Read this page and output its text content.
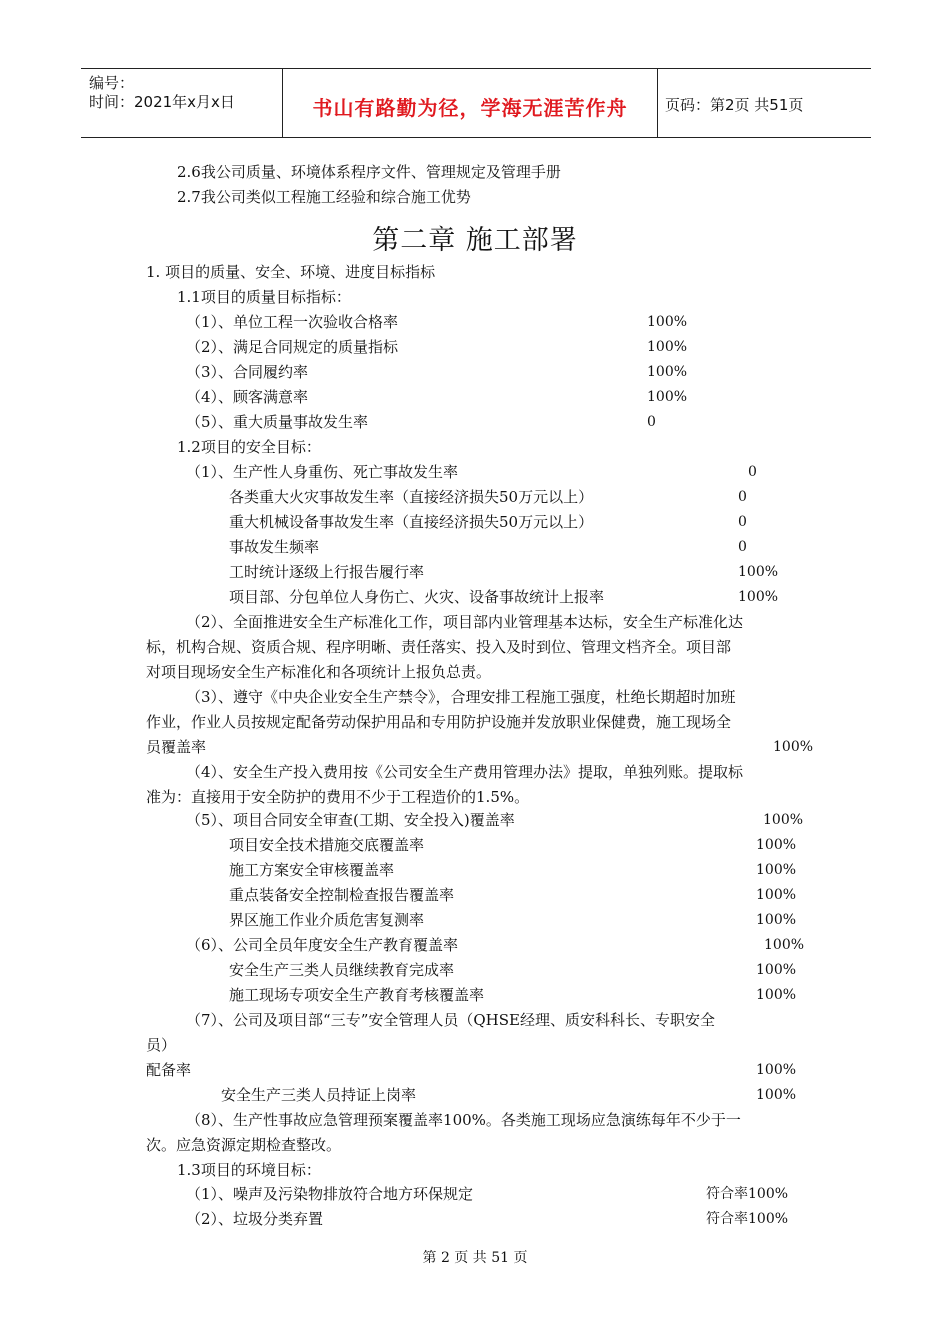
编号：
时间：2021年x月x日	书山有路勤为径，学海无涯苦作舟	页码：第2页 共51页
2.6我公司质量、环境体系程序文件、管理规定及管理手册
2.7我公司类似工程施工经验和综合施工优势
第二章 施工部署
1. 项目的质量、安全、环境、进度目标指标
1.1项目的质量目标指标：
（1）、单位工程一次验收合格率	100%
（2）、满足合同规定的质量指标	100%
（3）、合同履约率	100%
（4）、顾客满意率	100%
（5）、重大质量事故发生率	0
1.2项目的安全目标：
（1）、生产性人身重伤、死亡事故发生率	0
各类重大火灾事故发生率（直接经济损失50万元以上）	0
重大机械设备事故发生率（直接经济损失50万元以上）	0
事故发生频率	0
工时统计逐级上行报告履行率	100%
项目部、分包单位人身伤亡、火灾、设备事故统计上报率	100%
（2）、全面推进安全生产标准化工作，项目部内业管理基本达标，安全生产标准化达
标，机构合规、资质合规、程序明晰、责任落实、投入及时到位、管理文档齐全。项目部
对项目现场安全生产标准化和各项统计上报负总责。
（3）、遵守《中央企业安全生产禁令》，合理安排工程施工强度，杜绝长期超时加班
作业，作业人员按规定配备劳动保护用品和专用防护设施并发放职业保健费，施工现场全
员覆盖率	100%
（4）、安全生产投入费用按《公司安全生产费用管理办法》提取，单独列账。提取标
准为：直接用于安全防护的费用不少于工程造价的1.5%。
（5）、项目合同安全审查(工期、安全投入)覆盖率	100%
项目安全技术措施交底覆盖率	100%
施工方案安全审核覆盖率	100%
重点装备安全控制检查报告覆盖率	100%
界区施工作业介质危害复测率	100%
（6）、公司全员年度安全生产教育覆盖率	100%
安全生产三类人员继续教育完成率	100%
施工现场专项安全生产教育考核覆盖率	100%
（7）、公司及项目部“三专”安全管理人员（QHSE经理、质安科科长、专职安全
员）
配备率	100%
安全生产三类人员持证上岗率	100%
（8）、生产性事故应急管理预案覆盖率100%。各类施工现场应急演练每年不少于一
次。应急资源定期检查整改。
1.3项目的环境目标：
（1）、噪声及污染物排放符合地方环保规定	符合率100%
（2）、垃圾分类弃置	符合率100%
第 2 页 共 51 页
